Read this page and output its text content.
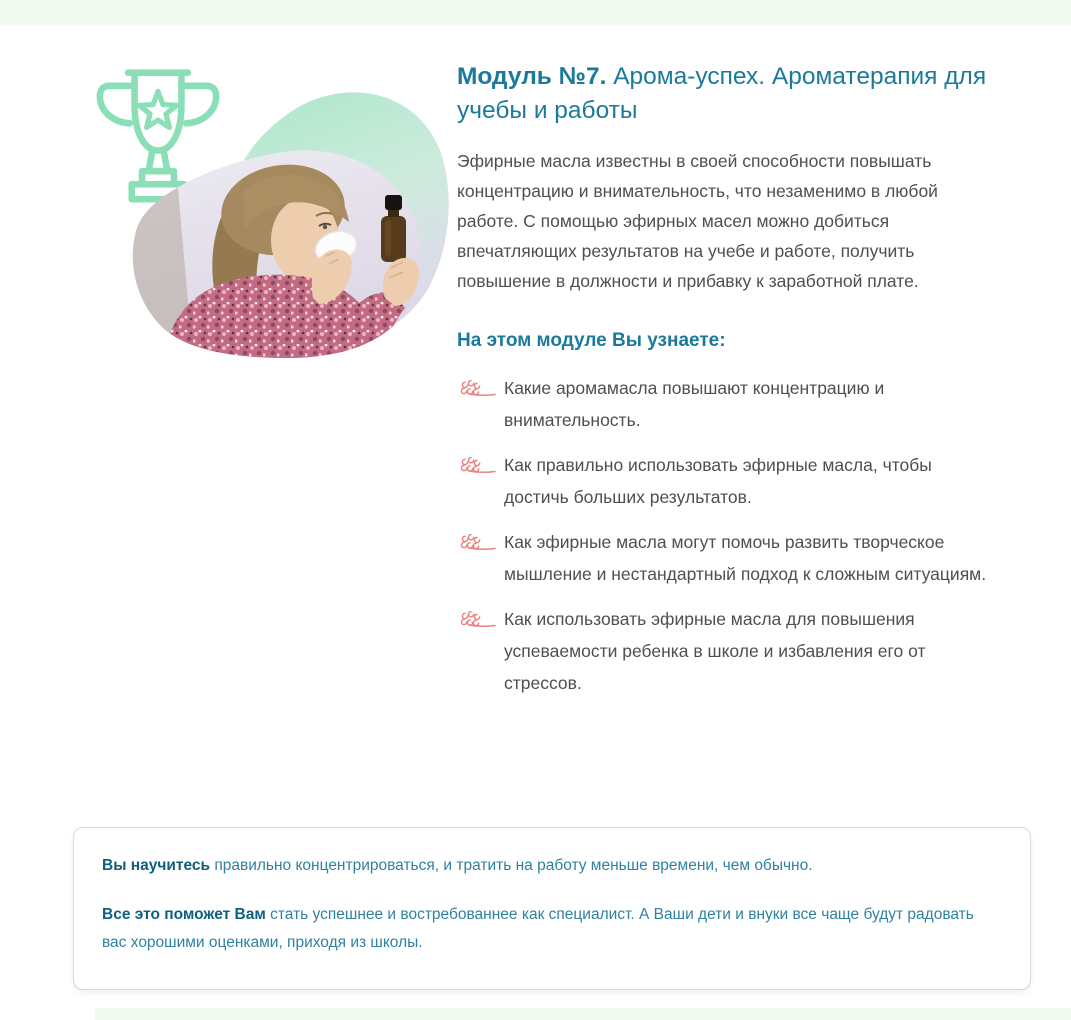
Модуль №7. Арома-успех. Ароматерапия для учебы и работы

Эфирные масла известны в своей способности повышать концентрацию и внимательность, что незаменимо в любой работе. С помощью эфирных масел можно добиться впечатляющих результатов на учебе и работе, получить повышение в должности и прибавку к заработной плате.

На этом модуле Вы узнаете:
Какие аромамасла повышают концентрацию и внимательность.
Как правильно использовать эфирные масла, чтобы достичь больших результатов.
Как эфирные масла могут помочь развить творческое мышление и нестандартный подход к сложным ситуациям.
Как использовать эфирные масла для повышения успеваемости ребенка в школе и избавления его от стрессов.

Вы научитесь правильно концентрироваться, и тратить на работу меньше времени, чем обычно.

Все это поможет Вам стать успешнее и востребованнее как специалист. А Ваши дети и внуки все чаще будут радовать вас хорошими оценками, приходя из школы.
